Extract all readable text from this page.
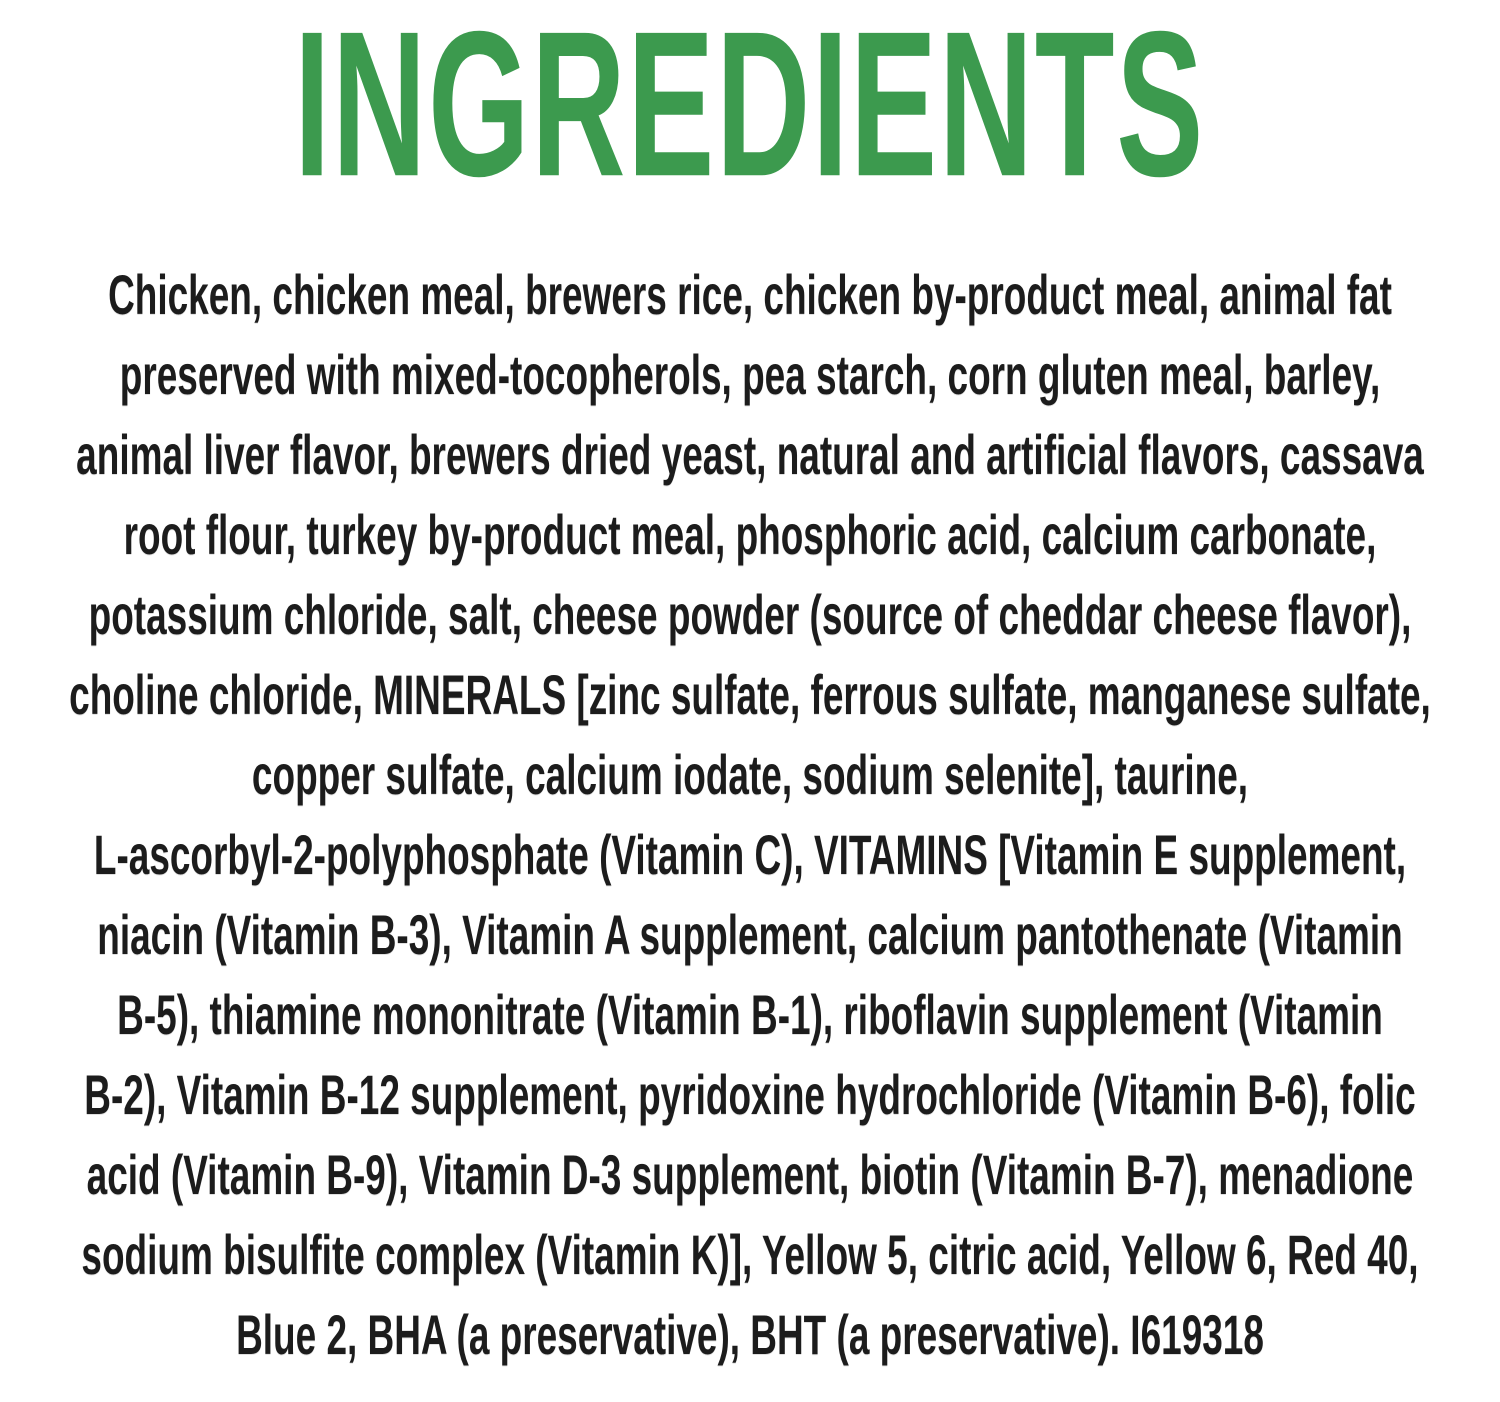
INGREDIENTS
Chicken, chicken meal, brewers rice, chicken by-product meal, animal fat
preserved with mixed-tocopherols, pea starch, corn gluten meal, barley,
animal liver flavor, brewers dried yeast, natural and artificial flavors, cassava
root flour, turkey by-product meal, phosphoric acid, calcium carbonate,
potassium chloride, salt, cheese powder (source of cheddar cheese flavor),
choline chloride, MINERALS [zinc sulfate, ferrous sulfate, manganese sulfate,
copper sulfate, calcium iodate, sodium selenite], taurine,
L-ascorbyl-2-polyphosphate (Vitamin C), VITAMINS [Vitamin E supplement,
niacin (Vitamin B-3), Vitamin A supplement, calcium pantothenate (Vitamin
B-5), thiamine mononitrate (Vitamin B-1), riboflavin supplement (Vitamin
B-2), Vitamin B-12 supplement, pyridoxine hydrochloride (Vitamin B-6), folic
acid (Vitamin B-9), Vitamin D-3 supplement, biotin (Vitamin B-7), menadione
sodium bisulfite complex (Vitamin K)], Yellow 5, citric acid, Yellow 6, Red 40,
Blue 2, BHA (a preservative), BHT (a preservative). I619318
